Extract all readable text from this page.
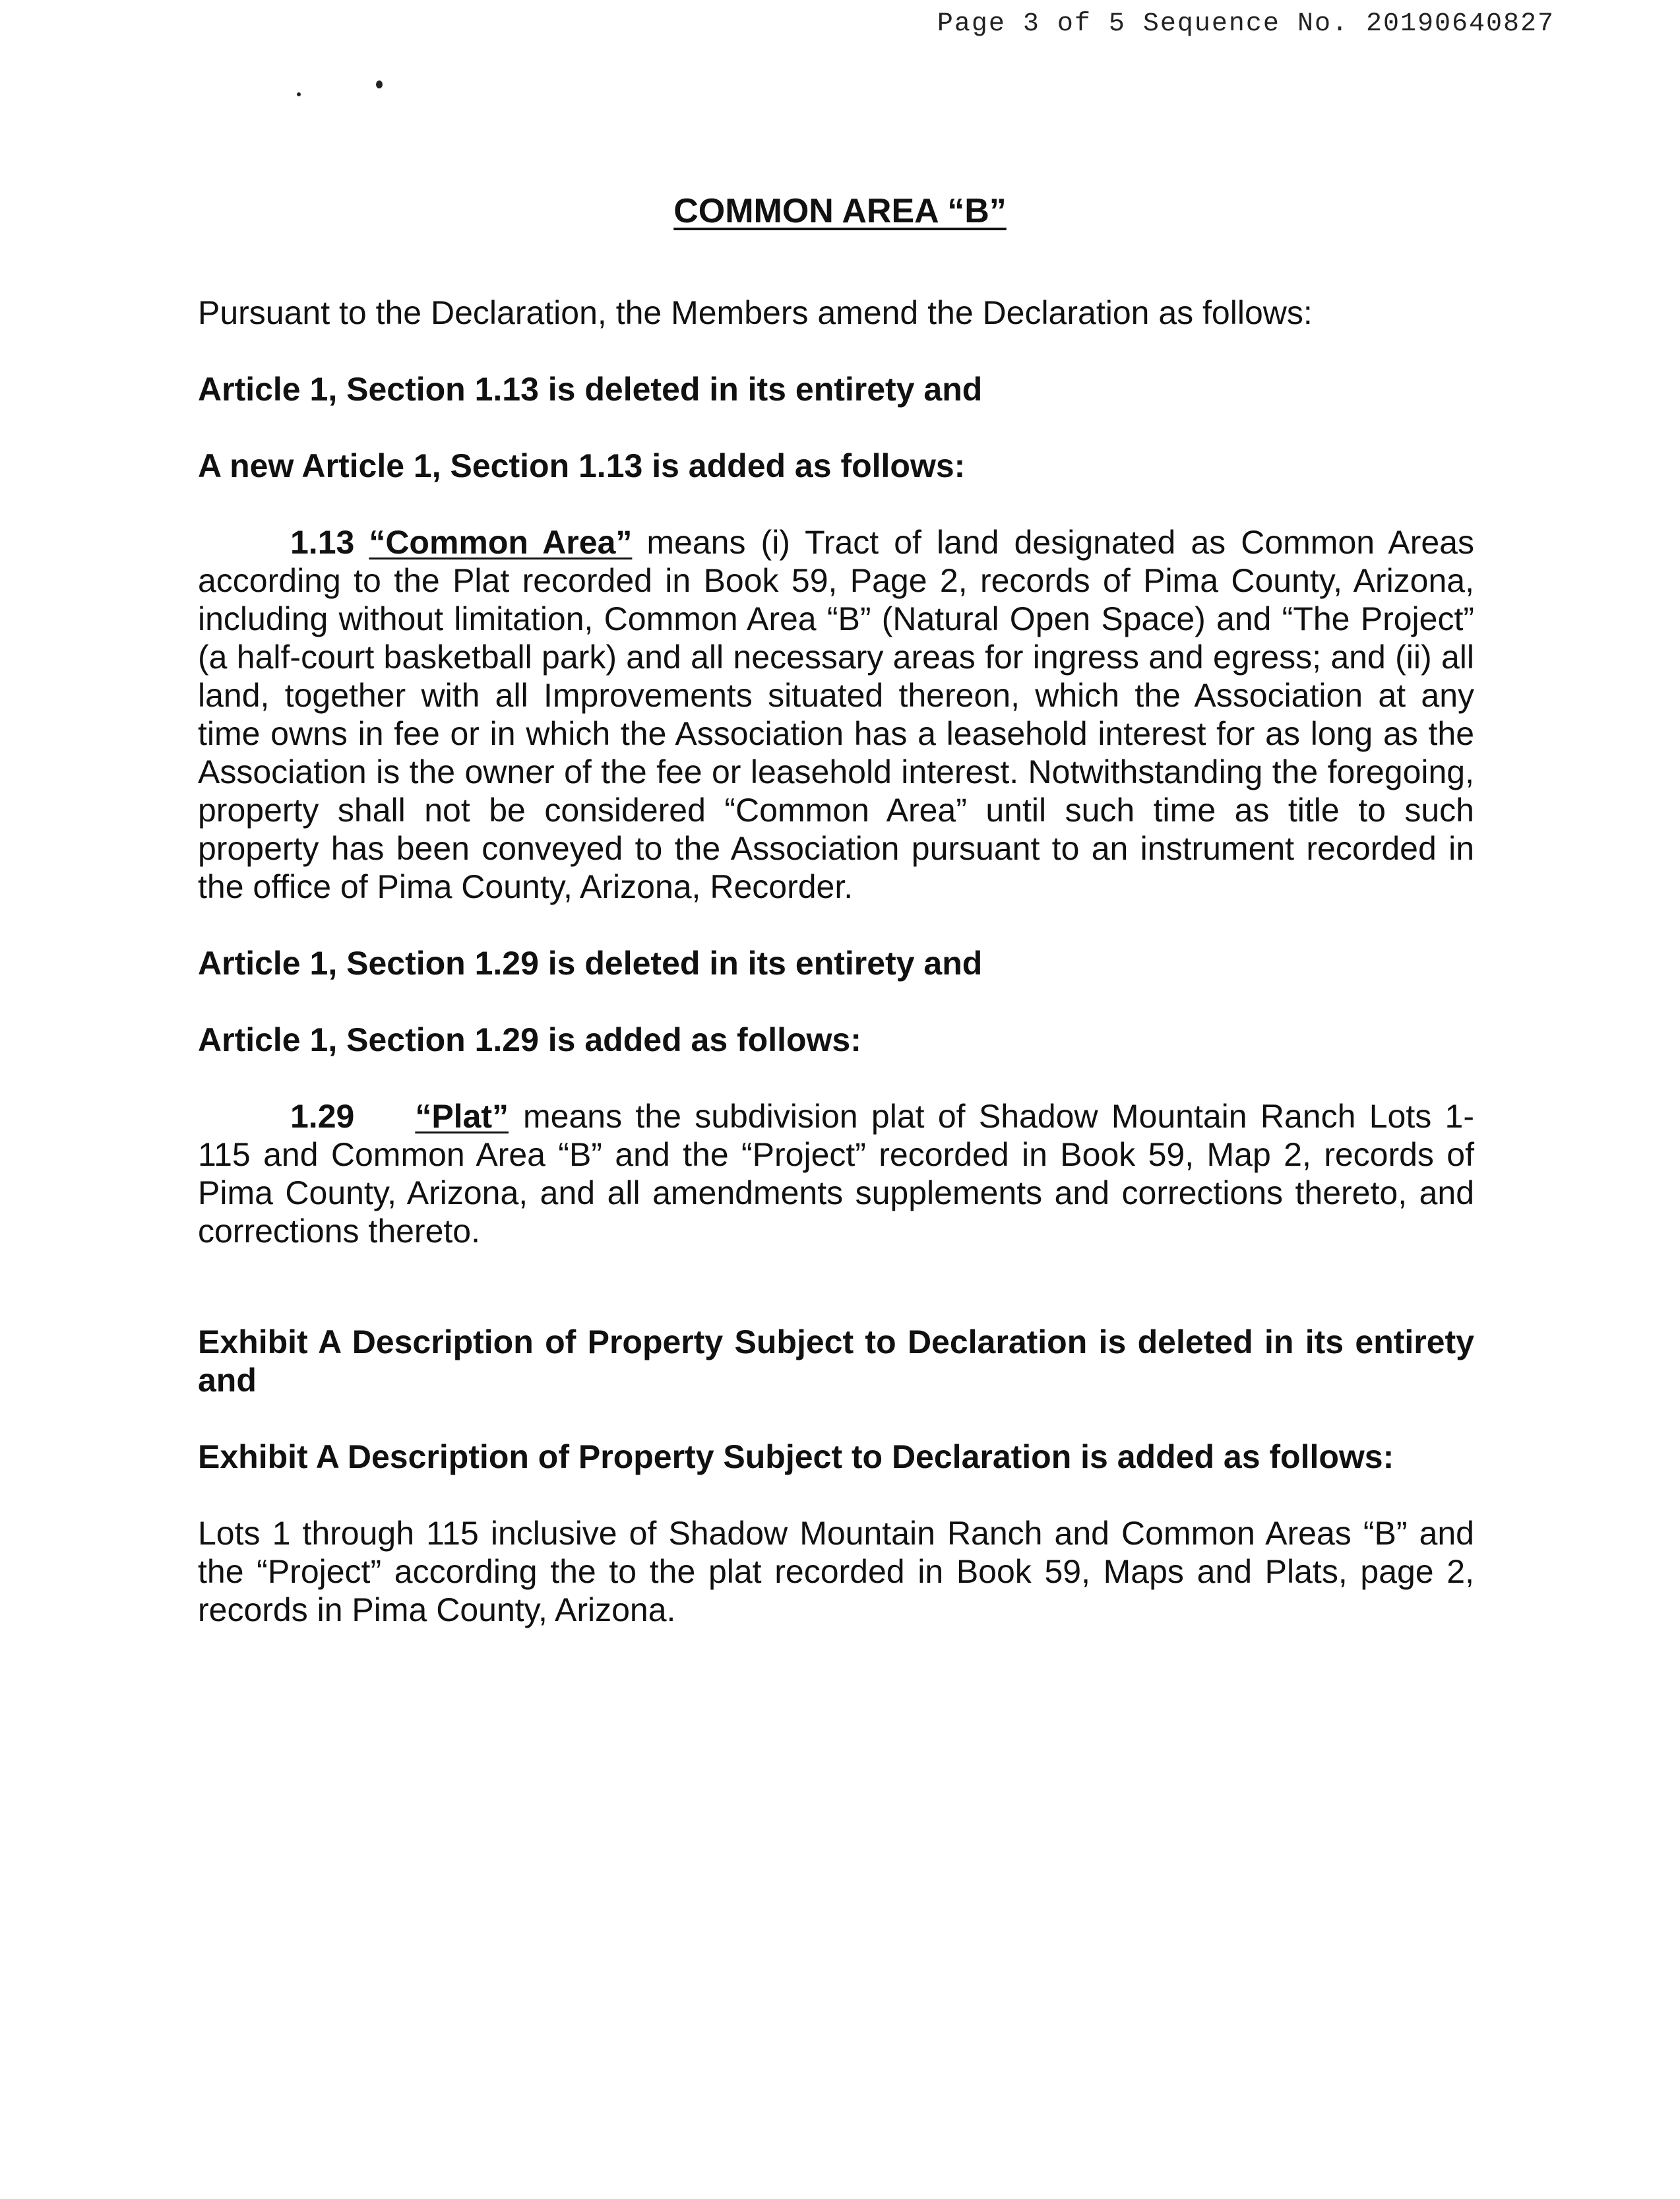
Page 3 of 5 Sequence No. 20190640827
COMMON AREA “B”

Pursuant to the Declaration, the Members amend the Declaration as follows:

Article 1, Section 1.13 is deleted in its entirety and

A new Article 1, Section 1.13 is added as follows:

1.13 “Common Area” means (i) Tract of land designated as Common Areas according to the Plat recorded in Book 59, Page 2, records of Pima County, Arizona, including without limitation, Common Area “B” (Natural Open Space) and “The Project” (a half-court basketball park) and all necessary areas for ingress and egress; and (ii) all land, together with all Improvements situated thereon, which the Association at any time owns in fee or in which the Association has a leasehold interest for as long as the Association is the owner of the fee or leasehold interest. Notwithstanding the foregoing, property shall not be considered “Common Area” until such time as title to such property has been conveyed to the Association pursuant to an instrument recorded in the office of Pima County, Arizona, Recorder.

Article 1, Section 1.29 is deleted in its entirety and

Article 1, Section 1.29 is added as follows:

1.29 “Plat” means the subdivision plat of Shadow Mountain Ranch Lots 1-115 and Common Area “B” and the “Project” recorded in Book 59, Map 2, records of Pima County, Arizona, and all amendments supplements and corrections thereto, and corrections thereto.

Exhibit A Description of Property Subject to Declaration is deleted in its entirety and

Exhibit A Description of Property Subject to Declaration is added as follows:

Lots 1 through 115 inclusive of Shadow Mountain Ranch and Common Areas “B” and the “Project” according the to the plat recorded in Book 59, Maps and Plats, page 2, records in Pima County, Arizona.
